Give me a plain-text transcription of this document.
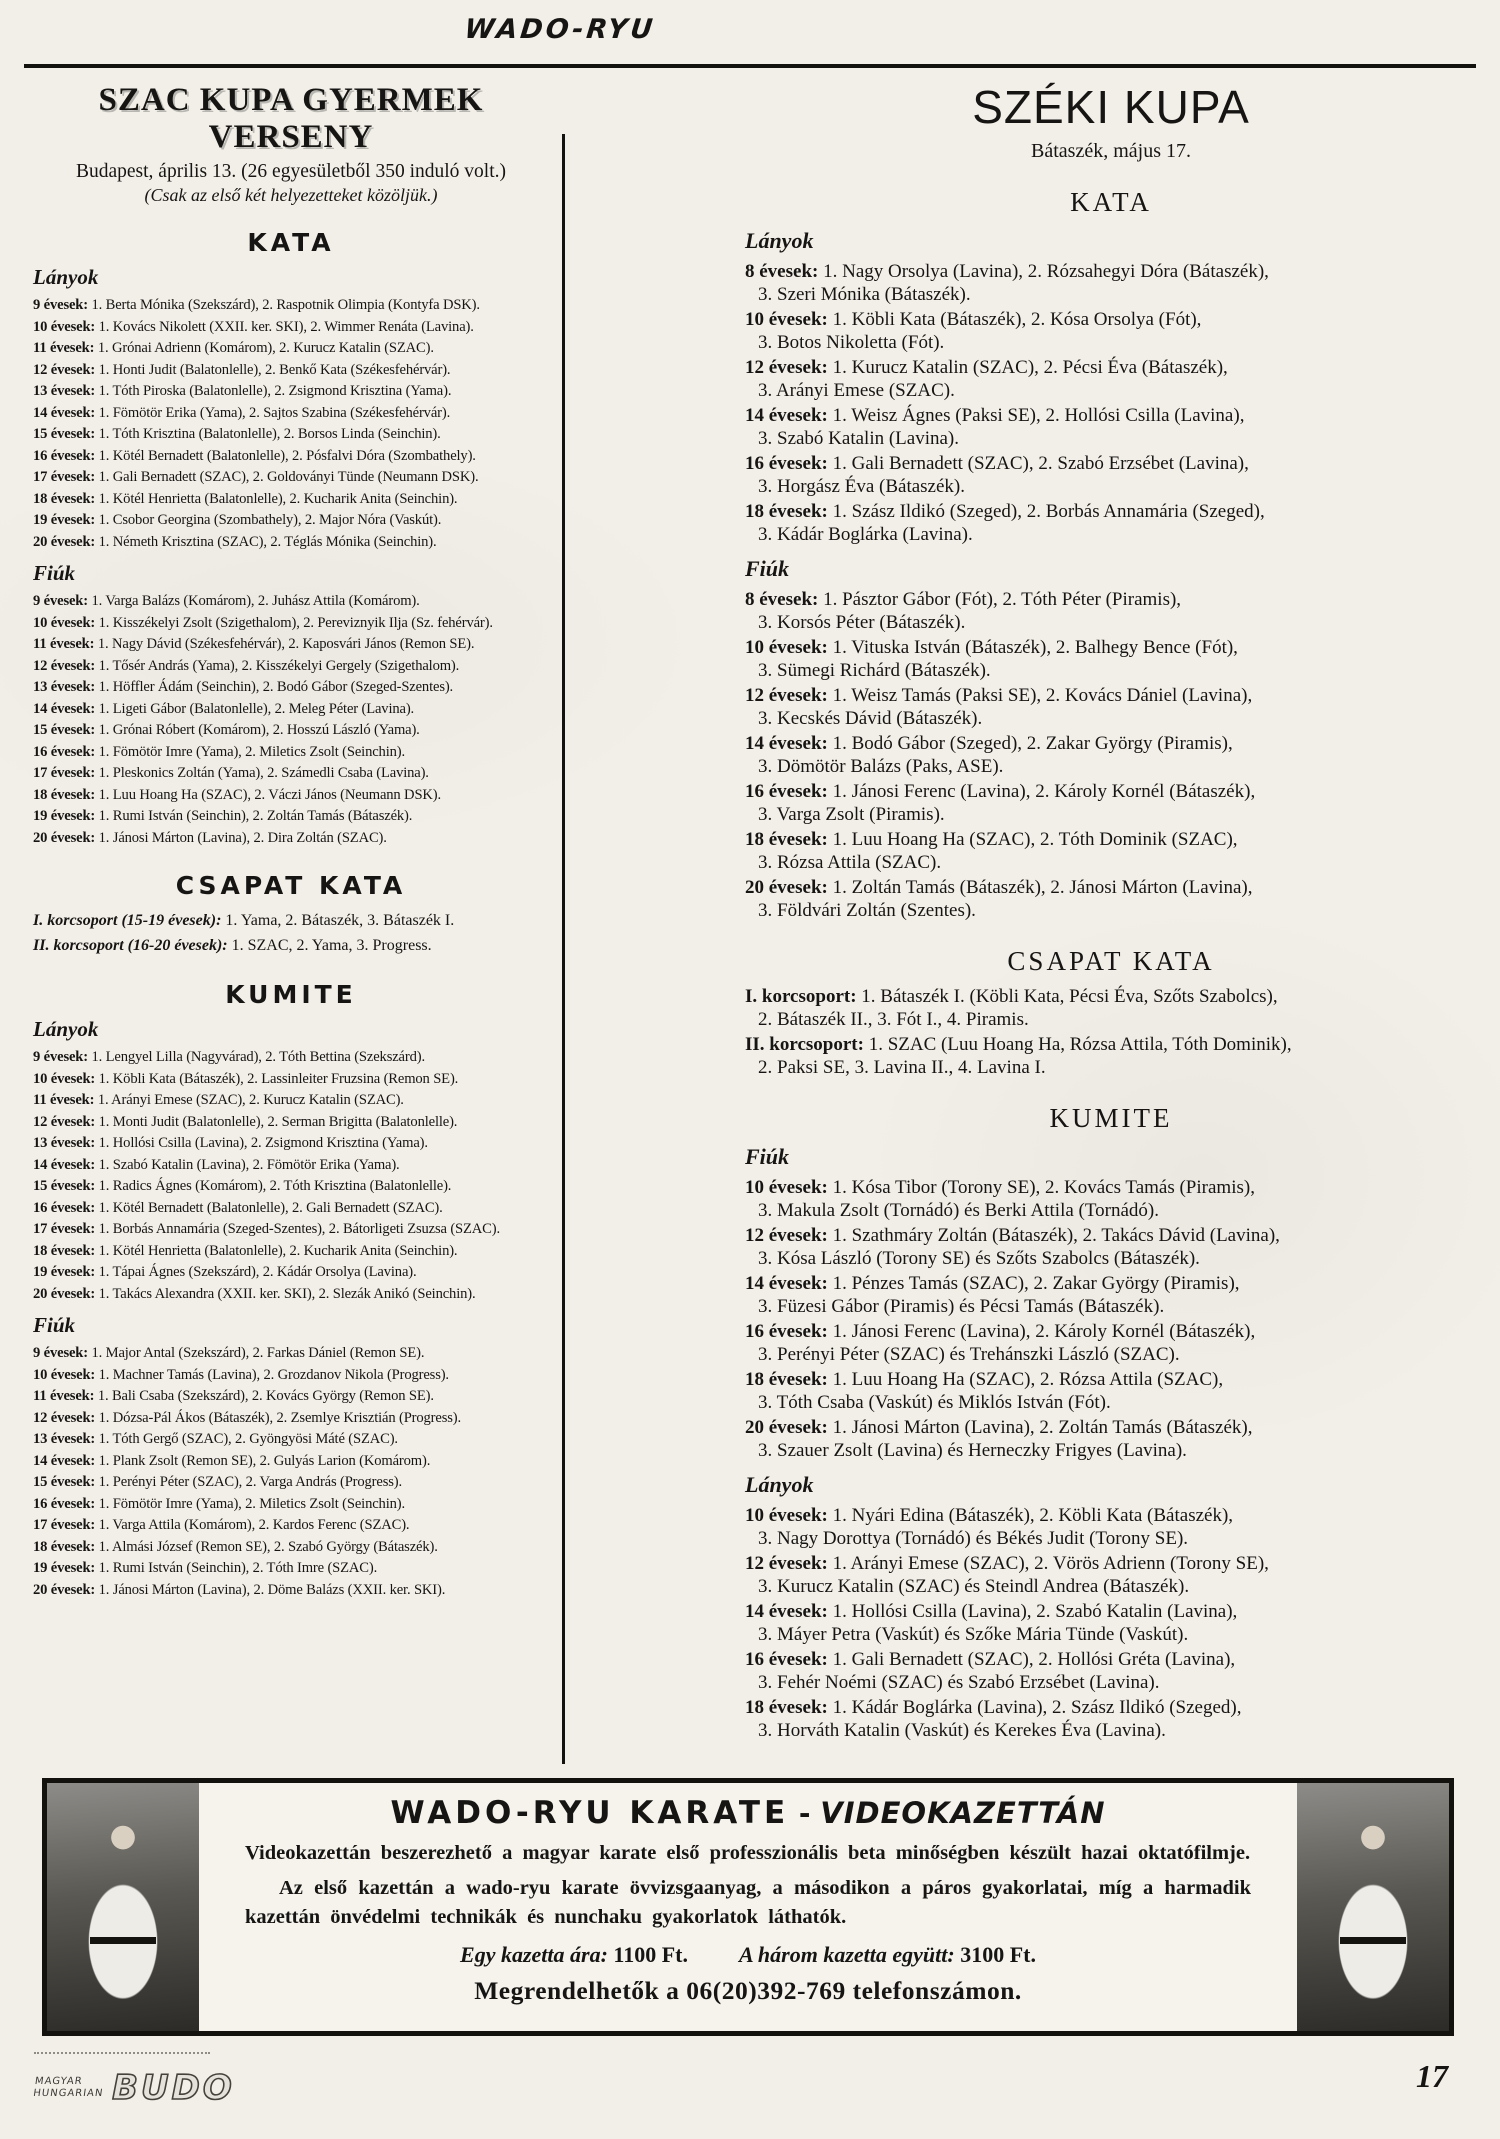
WADO-RYU
SZAC KUPA GYERMEK VERSENY
Budapest, április 13. (26 egyesületből 350 induló volt.)
(Csak az első két helyezetteket közöljük.)
KATA
Lányok
9 évesek: 1. Berta Mónika (Szekszárd), 2. Raspotnik Olimpia (Kontyfa DSK).
10 évesek: 1. Kovács Nikolett (XXII. ker. SKI), 2. Wimmer Renáta (Lavina).
11 évesek: 1. Grónai Adrienn (Komárom), 2. Kurucz Katalin (SZAC).
12 évesek: 1. Honti Judit (Balatonlelle), 2. Benkő Kata (Székesfehérvár).
13 évesek: 1. Tóth Piroska (Balatonlelle), 2. Zsigmond Krisztina (Yama).
14 évesek: 1. Fömötör Erika (Yama), 2. Sajtos Szabina (Székesfehérvár).
15 évesek: 1. Tóth Krisztina (Balatonlelle), 2. Borsos Linda (Seinchin).
16 évesek: 1. Kötél Bernadett (Balatonlelle), 2. Pósfalvi Dóra (Szombathely).
17 évesek: 1. Gali Bernadett (SZAC), 2. Goldoványi Tünde (Neumann DSK).
18 évesek: 1. Kötél Henrietta (Balatonlelle), 2. Kucharik Anita (Seinchin).
19 évesek: 1. Csobor Georgina (Szombathely), 2. Major Nóra (Vaskút).
20 évesek: 1. Németh Krisztina (SZAC), 2. Téglás Mónika (Seinchin).
Fiúk
9 évesek: 1. Varga Balázs (Komárom), 2. Juhász Attila (Komárom).
10 évesek: 1. Kisszékelyi Zsolt (Szigethalom), 2. Pereviznyik Ilja (Sz. fehérvár).
11 évesek: 1. Nagy Dávid (Székesfehérvár), 2. Kaposvári János (Remon SE).
12 évesek: 1. Tősér András (Yama), 2. Kisszékelyi Gergely (Szigethalom).
13 évesek: 1. Höffler Ádám (Seinchin), 2. Bodó Gábor (Szeged-Szentes).
14 évesek: 1. Ligeti Gábor (Balatonlelle), 2. Meleg Péter (Lavina).
15 évesek: 1. Grónai Róbert (Komárom), 2. Hosszú László (Yama).
16 évesek: 1. Fömötör Imre (Yama), 2. Miletics Zsolt (Seinchin).
17 évesek: 1. Pleskonics Zoltán (Yama), 2. Számedli Csaba (Lavina).
18 évesek: 1. Luu Hoang Ha (SZAC), 2. Váczi János (Neumann DSK).
19 évesek: 1. Rumi István (Seinchin), 2. Zoltán Tamás (Bátaszék).
20 évesek: 1. Jánosi Márton (Lavina), 2. Dira Zoltán (SZAC).
CSAPAT KATA
I. korcsoport (15-19 évesek): 1. Yama, 2. Bátaszék, 3. Bátaszék I.
II. korcsoport (16-20 évesek): 1. SZAC, 2. Yama, 3. Progress.
KUMITE
Lányok
9 évesek: 1. Lengyel Lilla (Nagyvárad), 2. Tóth Bettina (Szekszárd).
10 évesek: 1. Köbli Kata (Bátaszék), 2. Lassinleiter Fruzsina (Remon SE).
11 évesek: 1. Arányi Emese (SZAC), 2. Kurucz Katalin (SZAC).
12 évesek: 1. Monti Judit (Balatonlelle), 2. Serman Brigitta (Balatonlelle).
13 évesek: 1. Hollósi Csilla (Lavina), 2. Zsigmond Krisztina (Yama).
14 évesek: 1. Szabó Katalin (Lavina), 2. Fömötör Erika (Yama).
15 évesek: 1. Radics Ágnes (Komárom), 2. Tóth Krisztina (Balatonlelle).
16 évesek: 1. Kötél Bernadett (Balatonlelle), 2. Gali Bernadett (SZAC).
17 évesek: 1. Borbás Annamária (Szeged-Szentes), 2. Bátorligeti Zsuzsa (SZAC).
18 évesek: 1. Kötél Henrietta (Balatonlelle), 2. Kucharik Anita (Seinchin).
19 évesek: 1. Tápai Ágnes (Szekszárd), 2. Kádár Orsolya (Lavina).
20 évesek: 1. Takács Alexandra (XXII. ker. SKI), 2. Slezák Anikó (Seinchin).
Fiúk
9 évesek: 1. Major Antal (Szekszárd), 2. Farkas Dániel (Remon SE).
10 évesek: 1. Machner Tamás (Lavina), 2. Grozdanov Nikola (Progress).
11 évesek: 1. Bali Csaba (Szekszárd), 2. Kovács György (Remon SE).
12 évesek: 1. Dózsa-Pál Ákos (Bátaszék), 2. Zsemlye Krisztián (Progress).
13 évesek: 1. Tóth Gergő (SZAC), 2. Gyöngyösi Máté (SZAC).
14 évesek: 1. Plank Zsolt (Remon SE), 2. Gulyás Larion (Komárom).
15 évesek: 1. Perényi Péter (SZAC), 2. Varga András (Progress).
16 évesek: 1. Fömötör Imre (Yama), 2. Miletics Zsolt (Seinchin).
17 évesek: 1. Varga Attila (Komárom), 2. Kardos Ferenc (SZAC).
18 évesek: 1. Almási József (Remon SE), 2. Szabó György (Bátaszék).
19 évesek: 1. Rumi István (Seinchin), 2. Tóth Imre (SZAC).
20 évesek: 1. Jánosi Márton (Lavina), 2. Döme Balázs (XXII. ker. SKI).
SZÉKI KUPA
Bátaszék, május 17.
KATA
Lányok
8 évesek: 1. Nagy Orsolya (Lavina), 2. Rózsahegyi Dóra (Bátaszék),
3. Szeri Mónika (Bátaszék).
10 évesek: 1. Köbli Kata (Bátaszék), 2. Kósa Orsolya (Fót),
3. Botos Nikoletta (Fót).
12 évesek: 1. Kurucz Katalin (SZAC), 2. Pécsi Éva (Bátaszék),
3. Arányi Emese (SZAC).
14 évesek: 1. Weisz Ágnes (Paksi SE), 2. Hollósi Csilla (Lavina),
3. Szabó Katalin (Lavina).
16 évesek: 1. Gali Bernadett (SZAC), 2. Szabó Erzsébet (Lavina),
3. Horgász Éva (Bátaszék).
18 évesek: 1. Szász Ildikó (Szeged), 2. Borbás Annamária (Szeged),
3. Kádár Boglárka (Lavina).
Fiúk
8 évesek: 1. Pásztor Gábor (Fót), 2. Tóth Péter (Piramis),
3. Korsós Péter (Bátaszék).
10 évesek: 1. Vituska István (Bátaszék), 2. Balhegy Bence (Fót),
3. Sümegi Richárd (Bátaszék).
12 évesek: 1. Weisz Tamás (Paksi SE), 2. Kovács Dániel (Lavina),
3. Kecskés Dávid (Bátaszék).
14 évesek: 1. Bodó Gábor (Szeged), 2. Zakar György (Piramis),
3. Dömötör Balázs (Paks, ASE).
16 évesek: 1. Jánosi Ferenc (Lavina), 2. Károly Kornél (Bátaszék),
3. Varga Zsolt (Piramis).
18 évesek: 1. Luu Hoang Ha (SZAC), 2. Tóth Dominik (SZAC),
3. Rózsa Attila (SZAC).
20 évesek: 1. Zoltán Tamás (Bátaszék), 2. Jánosi Márton (Lavina),
3. Földvári Zoltán (Szentes).
CSAPAT KATA
I. korcsoport: 1. Bátaszék I. (Köbli Kata, Pécsi Éva, Szőts Szabolcs),
2. Bátaszék II., 3. Fót I., 4. Piramis.
II. korcsoport: 1. SZAC (Luu Hoang Ha, Rózsa Attila, Tóth Dominik),
2. Paksi SE, 3. Lavina II., 4. Lavina I.
KUMITE
Fiúk
10 évesek: 1. Kósa Tibor (Torony SE), 2. Kovács Tamás (Piramis),
3. Makula Zsolt (Tornádó) és Berki Attila (Tornádó).
12 évesek: 1. Szathmáry Zoltán (Bátaszék), 2. Takács Dávid (Lavina),
3. Kósa László (Torony SE) és Szőts Szabolcs (Bátaszék).
14 évesek: 1. Pénzes Tamás (SZAC), 2. Zakar György (Piramis),
3. Füzesi Gábor (Piramis) és Pécsi Tamás (Bátaszék).
16 évesek: 1. Jánosi Ferenc (Lavina), 2. Károly Kornél (Bátaszék),
3. Perényi Péter (SZAC) és Trehánszki László (SZAC).
18 évesek: 1. Luu Hoang Ha (SZAC), 2. Rózsa Attila (SZAC),
3. Tóth Csaba (Vaskút) és Miklós István (Fót).
20 évesek: 1. Jánosi Márton (Lavina), 2. Zoltán Tamás (Bátaszék),
3. Szauer Zsolt (Lavina) és Herneczky Frigyes (Lavina).
Lányok
10 évesek: 1. Nyári Edina (Bátaszék), 2. Köbli Kata (Bátaszék),
3. Nagy Dorottya (Tornádó) és Békés Judit (Torony SE).
12 évesek: 1. Arányi Emese (SZAC), 2. Vörös Adrienn (Torony SE),
3. Kurucz Katalin (SZAC) és Steindl Andrea (Bátaszék).
14 évesek: 1. Hollósi Csilla (Lavina), 2. Szabó Katalin (Lavina),
3. Máyer Petra (Vaskút) és Szőke Mária Tünde (Vaskút).
16 évesek: 1. Gali Bernadett (SZAC), 2. Hollósi Gréta (Lavina),
3. Fehér Noémi (SZAC) és Szabó Erzsébet (Lavina).
18 évesek: 1. Kádár Boglárka (Lavina), 2. Szász Ildikó (Szeged),
3. Horváth Katalin (Vaskút) és Kerekes Éva (Lavina).
WADO-RYU KARATE - VIDEOKAZETTÁN

Videokazettán beszerezhető a magyar karate első professzionális beta minőségben készült hazai oktatófilmje.

Az első kazettán a wado-ryu karate övvizsgaanyag, a másodikon a páros gyakorlatai, míg a harmadik kazettán önvédelmi technikák és nunchaku gyakorlatok láthatók.

Egy kazetta ára: 1100 Ft. A három kazetta együtt: 3100 Ft.
Megrendelhetők a 06(20)392-769 telefonszámon.
17
MAGYAR
HUNGARIAN BUDO
